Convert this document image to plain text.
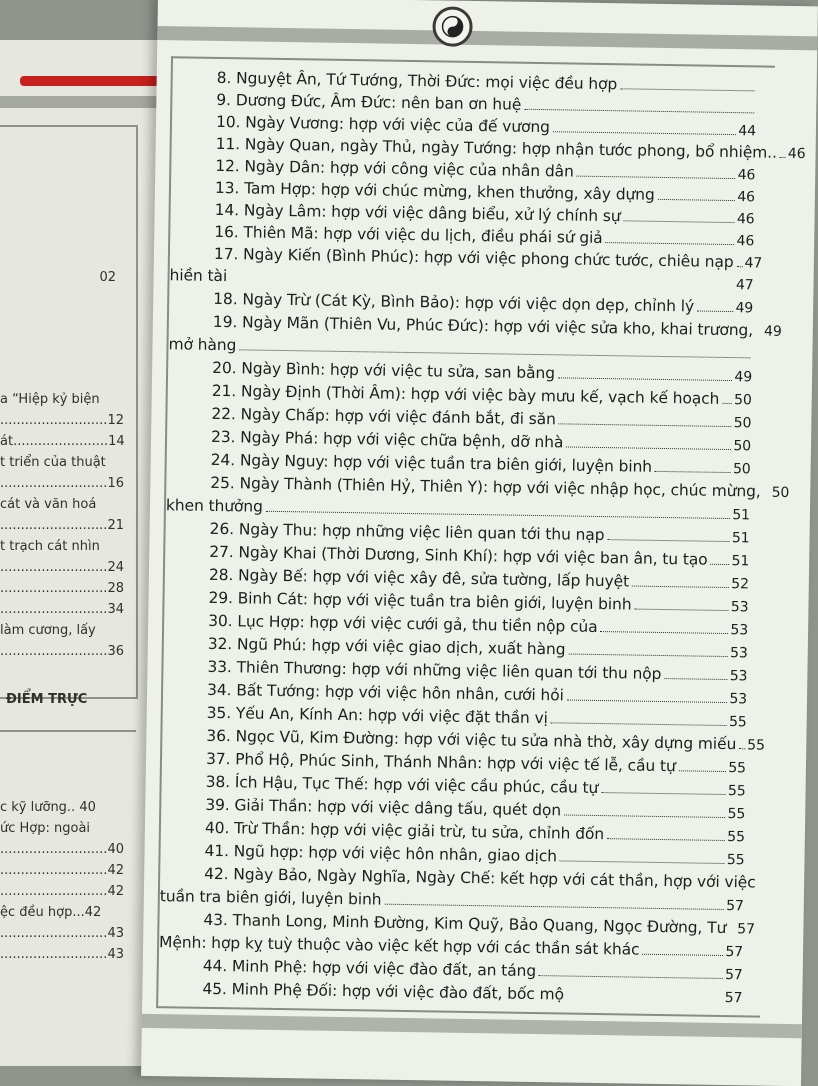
02
a “Hiệp kỷ biện
..........................12
át.......................14
t triển của thuật
..........................16
cát và văn hoá
..........................21
t trạch cát nhìn
..........................24
..........................28
..........................34
làm cương, lấy
..........................36
ĐIỂM TRỰC
c kỹ lưỡng.. 40
ức Hợp: ngoài
..........................40
..........................42
..........................42
ệc đều hợp...42
..........................43
..........................43
8. Nguyệt Ân, Tứ Tướng, Thời Đức: mọi việc đều hợp
9. Dương Đức, Âm Đức: nên ban ơn huệ
10. Ngày Vương: hợp với việc của đế vương	44
11. Ngày Quan, ngày Thủ, ngày Tướng: hợp nhận tước phong, bổ nhiệm.. 46
12. Ngày Dân: hợp với công việc của nhân dân	46
13. Tam Hợp: hợp với chúc mừng, khen thưởng, xây dựng	46
14. Ngày Lâm: hợp với việc dâng biểu, xử lý chính sự	46
16. Thiên Mã: hợp với việc du lịch, điều phái sứ giả	46
17. Ngày Kiến (Bình Phúc): hợp với việc phong chức tước, chiêu nạp 47
hiền tài
47
18. Ngày Trừ (Cát Kỳ, Bình Bảo): hợp với việc dọn dẹp, chỉnh lý	49
19. Ngày Mãn (Thiên Vu, Phúc Đức): hợp với việc sửa kho, khai trương, 49
mở hàng
20. Ngày Bình: hợp với việc tu sửa, san bằng	49
21. Ngày Định (Thời Âm): hợp với việc bày mưu kế, vạch kế hoạch 50
22. Ngày Chấp: hợp với việc đánh bắt, đi săn	50
23. Ngày Phá: hợp với việc chữa bệnh, dỡ nhà	50
24. Ngày Nguy: hợp với việc tuần tra biên giới, luyện binh	50
25. Ngày Thành (Thiên Hỷ, Thiên Y): hợp với việc nhập học, chúc mừng, 50
khen thưởng	51
26. Ngày Thu: hợp những việc liên quan tới thu nạp	51
27. Ngày Khai (Thời Dương, Sinh Khí): hợp với việc ban ân, tu tạo 51
28. Ngày Bế: hợp với việc xây đê, sửa tường, lấp huyệt	52
29. Binh Cát: hợp với việc tuần tra biên giới, luyện binh	53
30. Lục Hợp: hợp với việc cưới gả, thu tiền nộp của	53
32. Ngũ Phú: hợp với việc giao dịch, xuất hàng	53
33. Thiên Thương: hợp với những việc liên quan tới thu nộp	53
34. Bất Tướng: hợp với việc hôn nhân, cưới hỏi	53
35. Yếu An, Kính An: hợp với việc đặt thần vị	55
36. Ngọc Vũ, Kim Đường: hợp với việc tu sửa nhà thờ, xây dựng miếu 55
37. Phổ Hộ, Phúc Sinh, Thánh Nhân: hợp với việc tế lễ, cầu tự	55
38. Ích Hậu, Tục Thế: hợp với việc cầu phúc, cầu tự	55
39. Giải Thần: hợp với việc dâng tấu, quét dọn	55
40. Trừ Thần: hợp với việc giải trừ, tu sửa, chỉnh đốn	55
41. Ngũ hợp: hợp với việc hôn nhân, giao dịch	55
42. Ngày Bảo, Ngày Nghĩa, Ngày Chế: kết hợp với cát thần, hợp với việc
tuần tra biên giới, luyện binh	57
43. Thanh Long, Minh Đường, Kim Quỹ, Bảo Quang, Ngọc Đường, Tư 57
Mệnh: hợp kỵ tuỳ thuộc vào việc kết hợp với các thần sát khác	57
44. Minh Phệ: hợp với việc đào đất, an táng	57
45. Minh Phệ Đối: hợp với việc đào đất, bốc mộ	57
